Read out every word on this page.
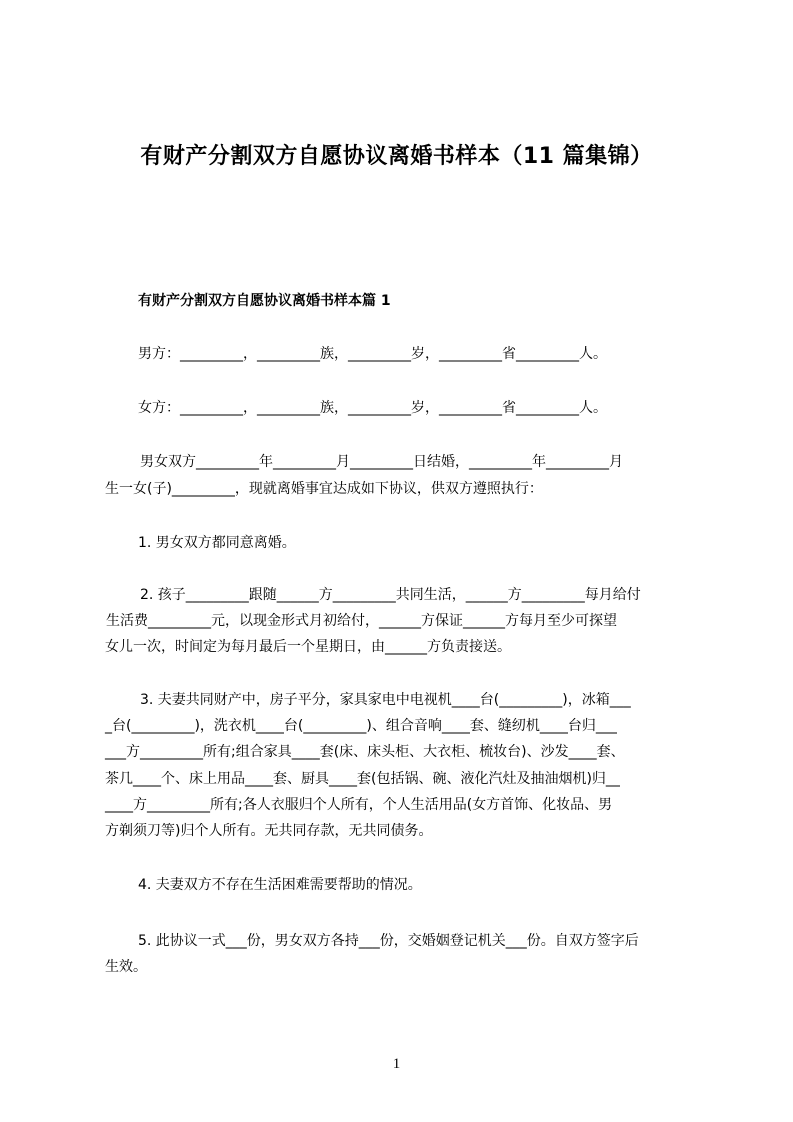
有财产分割双方自愿协议离婚书样本（11 篇集锦）
有财产分割双方自愿协议离婚书样本篇 1
男方：_________，_________族，_________岁，_________省_________人。
女方：_________，_________族，_________岁，_________省_________人。
男女双方_________年_________月_________日结婚，_________年_________月
生一女(子)_________，现就离婚事宜达成如下协议，供双方遵照执行：
1. 男女双方都同意离婚。
2. 孩子_________跟随______方_________共同生活，______方_________每月给付
生活费_________元，以现金形式月初给付，______方保证______方每月至少可探望
女儿一次，时间定为每月最后一个星期日，由______方负责接送。
3. 夫妻共同财产中，房子平分，家具家电中电视机____台(_________)，冰箱___
_台(_________)，洗衣机____台(_________)、组合音响____套、缝纫机____台归___
___方_________所有;组合家具____套(床、床头柜、大衣柜、梳妆台)、沙发____套、
茶几____个、床上用品____套、厨具____套(包括锅、碗、液化汽灶及抽油烟机)归__
____方_________所有;各人衣服归个人所有，个人生活用品(女方首饰、化妆品、男
方剃须刀等)归个人所有。无共同存款，无共同债务。
4. 夫妻双方不存在生活困难需要帮助的情况。
5. 此协议一式___份，男女双方各持___份，交婚姻登记机关___份。自双方签字后
生效。
1
